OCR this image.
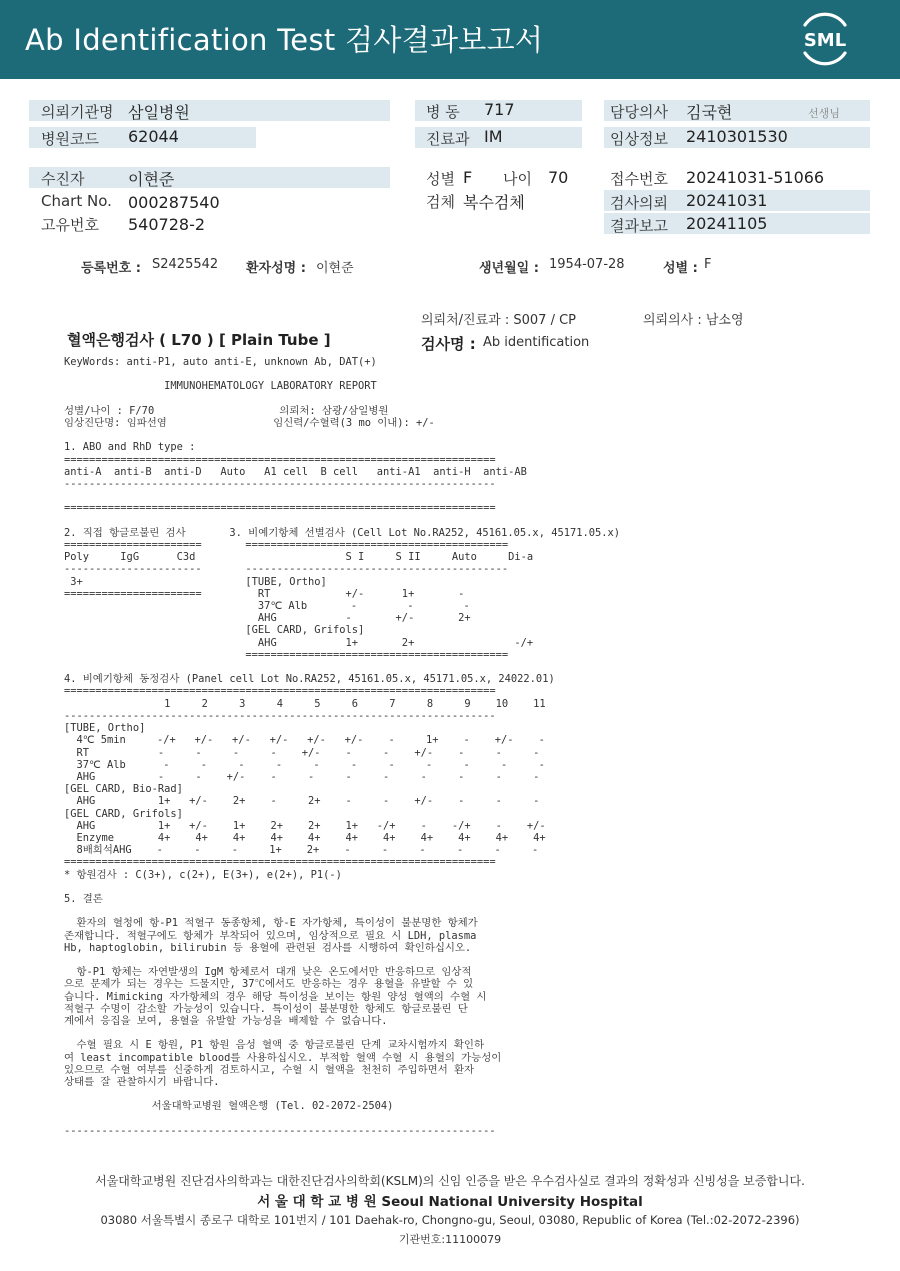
Ab Identification Test 검사결과보고서	SML
의뢰기관명 삼일병원
병원코드 62044
병 동 717
진료과 IM
담당의사 김국현	선생님
임상정보 2410301530
수진자	이현준
Chart No. 000287540
고유번호 540728-2
성별 F 나이 70
검체 복수검체
접수번호 20241031-51066
검사의뢰 20241031
결과보고 20241105
등록번호 : S2425542 환자성명 : 이현준	생년월일 : 1954-07-28	성별 : F
의뢰처/진료과 : S007 / CP	의뢰의사 : 남소영
혈액은행검사 ( L70 ) [ Plain Tube ]	검사명 : Ab identification
KeyWords: anti-P1, auto anti-E, unknown Ab, DAT(+)

IMMUNOHEMATOLOGY LABORATORY REPORT

성별/나이 : F/70                    의뢰처: 삼광/삼일병원
임상진단명: 임파선염                 임신력/수혈력(3 mo 이내): +/-

1. ABO and RhD type :
=====================================================================
anti-A  anti-B  anti-D   Auto   A1 cell  B cell   anti-A1  anti-H  anti-AB
---------------------------------------------------------------------

=====================================================================

2. 직접 항글로불린 검사       3. 비예기항체 선별검사 (Cell Lot No.RA252, 45161.05.x, 45171.05.x)
======================       ==========================================
Poly     IgG      C3d                        S I     S II     Auto     Di-a
----------------------       ------------------------------------------
3+                          [TUBE, Ortho]
======================         RT            +/-      1+       -
37℃ Alb       -        -        -
AHG           -       +/-       2+
[GEL CARD, Grifols]
AHG           1+       2+                -/+
==========================================

4. 비예기항체 동정검사 (Panel cell Lot No.RA252, 45161.05.x, 45171.05.x, 24022.01)
=====================================================================
1     2     3     4     5     6     7     8     9    10    11
---------------------------------------------------------------------
[TUBE, Ortho]
4℃ 5min     -/+   +/-   +/-   +/-   +/-   +/-    -     1+    -    +/-    -
RT           -     -     -     -    +/-    -     -    +/-    -     -     -
37℃ Alb      -     -     -     -     -     -     -     -     -     -     -
AHG          -     -    +/-    -     -     -     -     -     -     -     -
[GEL CARD, Bio-Rad]
AHG          1+   +/-    2+    -     2+    -     -    +/-    -     -     -
[GEL CARD, Grifols]
AHG          1+   +/-    1+    2+    2+    1+   -/+    -    -/+    -    +/-
Enzyme       4+    4+    4+    4+    4+    4+    4+    4+    4+    4+    4+
8배희석AHG    -     -     -     1+    2+    -     -     -     -     -     -
=====================================================================
* 항원검사 : C(3+), c(2+), E(3+), e(2+), P1(-)

5. 결론

환자의 혈청에 항-P1 적혈구 동종항체, 항-E 자가항체, 특이성이 불분명한 항체가
존재합니다. 적혈구에도 항체가 부착되어 있으며, 임상적으로 필요 시 LDH, plasma
Hb, haptoglobin, bilirubin 등 용혈에 관련된 검사를 시행하여 확인하십시오.

항-P1 항체는 자연발생의 IgM 항체로서 대개 낮은 온도에서만 반응하므로 임상적
으로 문제가 되는 경우는 드물지만, 37℃에서도 반응하는 경우 용혈을 유발할 수 있
습니다. Mimicking 자가항체의 경우 해당 특이성을 보이는 항원 양성 혈액의 수혈 시
적혈구 수명이 감소할 가능성이 있습니다. 특이성이 불분명한 항체도 항글로불린 단
계에서 응집을 보여, 용혈을 유발할 가능성을 배제할 수 없습니다.

수혈 필요 시 E 항원, P1 항원 음성 혈액 중 항글로불린 단계 교차시험까지 확인하
여 least incompatible blood를 사용하십시오. 부적합 혈액 수혈 시 용혈의 가능성이
있으므로 수혈 여부를 신중하게 검토하시고, 수혈 시 혈액을 천천히 주입하면서 환자
상태를 잘 관찰하시기 바랍니다.

서울대학교병원 혈액은행 (Tel. 02-2072-2504)

---------------------------------------------------------------------
서울대학교병원 진단검사의학과는 대한진단검사의학회(KSLM)의 신임 인증을 받은 우수검사실로 결과의 정확성과 신빙성을 보증합니다.
서 울 대 학 교 병 원 Seoul National University Hospital
03080 서울특별시 종로구 대학로 101번지 / 101 Daehak-ro, Chongno-gu, Seoul, 03080, Republic of Korea (Tel.:02-2072-2396)
기관번호:11100079
